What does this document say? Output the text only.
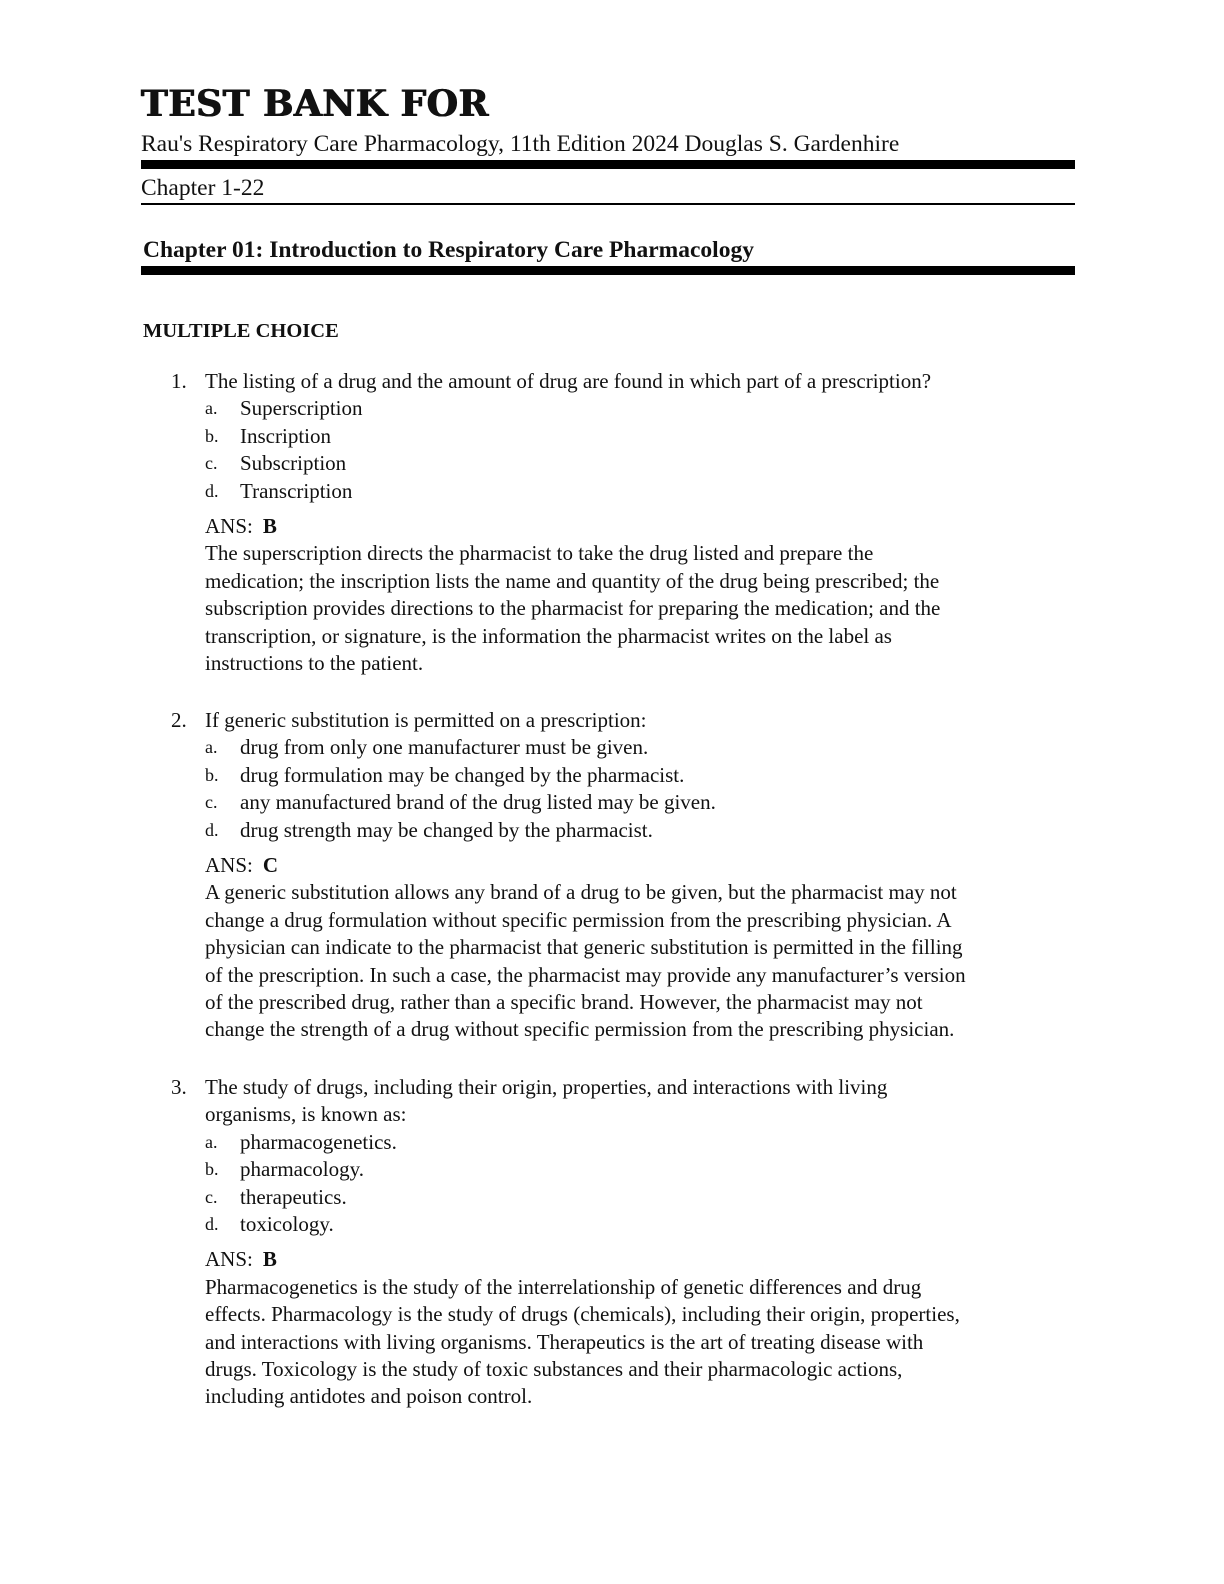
TEST BANK FOR
Rau's Respiratory Care Pharmacology, 11th Edition 2024 Douglas S. Gardenhire
Chapter 1-22
Chapter 01: Introduction to Respiratory Care Pharmacology
MULTIPLE CHOICE
1. The listing of a drug and the amount of drug are found in which part of a prescription?
a. Superscription
b. Inscription
c. Subscription
d. Transcription
ANS: B
The superscription directs the pharmacist to take the drug listed and prepare the
medication; the inscription lists the name and quantity of the drug being prescribed; the
subscription provides directions to the pharmacist for preparing the medication; and the
transcription, or signature, is the information the pharmacist writes on the label as
instructions to the patient.
2. If generic substitution is permitted on a prescription:
a. drug from only one manufacturer must be given.
b. drug formulation may be changed by the pharmacist.
c. any manufactured brand of the drug listed may be given.
d. drug strength may be changed by the pharmacist.
ANS: C
A generic substitution allows any brand of a drug to be given, but the pharmacist may not
change a drug formulation without specific permission from the prescribing physician. A
physician can indicate to the pharmacist that generic substitution is permitted in the filling
of the prescription. In such a case, the pharmacist may provide any manufacturer’s version
of the prescribed drug, rather than a specific brand. However, the pharmacist may not
change the strength of a drug without specific permission from the prescribing physician.
3. The study of drugs, including their origin, properties, and interactions with living
organisms, is known as:
a. pharmacogenetics.
b. pharmacology.
c. therapeutics.
d. toxicology.
ANS: B
Pharmacogenetics is the study of the interrelationship of genetic differences and drug
effects. Pharmacology is the study of drugs (chemicals), including their origin, properties,
and interactions with living organisms. Therapeutics is the art of treating disease with
drugs. Toxicology is the study of toxic substances and their pharmacologic actions,
including antidotes and poison control.
